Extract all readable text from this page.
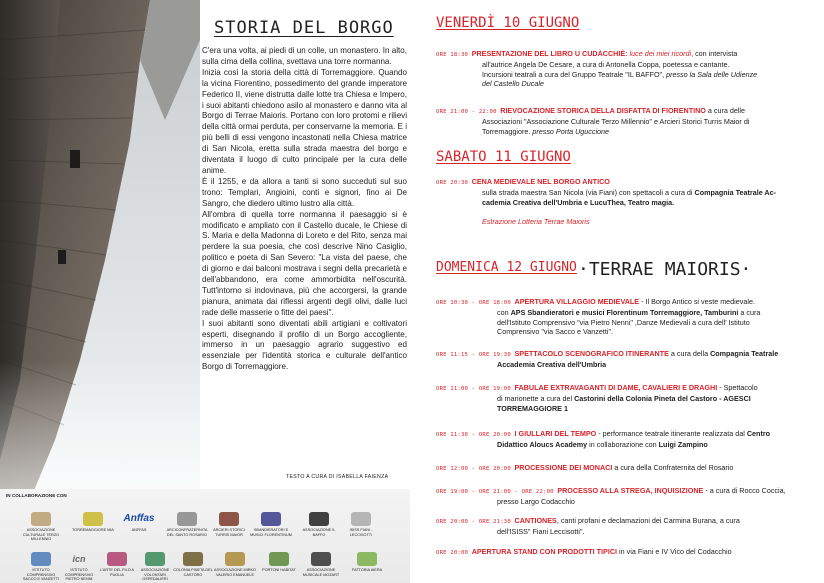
STORIA DEL BORGO

C'era una volta, ai piedi di un colle, un monastero. In alto, sulla cima della collina, svettava una torre normanna.

Inizia così la storia della città di Torremaggiore. Quando la vicina Fiorentino, possedimento del grande imperatore Federico II, viene distrutta dalle lotte tra Chiesa e Impero, i suoi abitanti chiedono asilo al monastero e danno vita al Borgo di Terrae Maioris. Portano con loro protomi e rilievi della città ormai perduta, per conservarne la memoria. E i più belli di essi vengono incastonati nella Chiesa matrice di San Nicola, eretta sulla strada maestra del borgo e diventata il luogo di culto principale per la cura delle anime.

È il 1255, e da allora a tanti si sono succeduti sul suo trono: Templari, Angioini, conti e signori, fino ai De Sangro, che diedero ultimo lustro alla città.

All'ombra di quella torre normanna il paesaggio si è modificato e ampliato con il Castello ducale, le Chiese di S. Maria e della Madonna di Loreto e del Rito, senza mai perdere la sua poesia, che così descrive Nino Casiglio, politico e poeta di San Severo: "La vista del paese, che di giorno e dai balconi mostrava i segni della precarietà e dell'abbandono, era come ammorbidita nell'oscurità. Tutt'intorno si indovinava, più che accorgersi, la grande pianura, animata dai riflessi argenti degli olivi, dalle luci rade delle masserie o fitte dei paesi".

I suoi abitanti sono diventati abili artigiani e coltivatori esperti, disegnando il profilo di un Borgo accogliente, immerso in un paesaggio agrario suggestivo ed essenziale per l'identità storica e culturale dell'antico Borgo di Torremaggiore.

TESTO A CURA DI ISABELLA FAIENZA
IN COLLABORAZIONE CON
ASSOCIAZIONE CULTURALE TERZO MILLENNIO
TORREMAGGIORE MIA
Anffas
ANFFAS	ARCICONFRATERNITA DEL SANTO ROSARIO
ARCIERI STORICI TURRIS MAIOR
SBANDIERATORI E MUSICI FLORENTINUM
ASSOCIAZIONE IL BAFFO
ISISS FIANI - LECCISOTTI
ISTITUTO COMPRENSIVO SACCO E VANZETTI
icn
ISTITUTO COMPRENSIVO PIETRO NENNI
L'ARTE DEL FILO A PUGLIA
ASSOCIAZIONE VOLONTARI OSPEDALIERI
COLONIA PINETA DEL CASTORO
ASSOCIAZIONE MIRKO VALERIO EMANUELE
PORTONI HABITAT	ASSOCIAZIONE MUSICALE MOZART
FATTORIA AIERA
VENERDÌ 10 GIUGNO
SABATO 11 GIUGNO
DOMENICA 12 GIUGNO ·TERRAE MAIORIS·
ORE 18:30 PRESENTAZIONE DEL LIBRO U CUDÀCCHIÈ: luce dei miei ricordi, con intervista
all'autrice Angela De Cesare, a cura di Antonella Coppa, poetessa e cantante.
Incursioni teatrali a cura del Gruppo Teatrale "IL BAFFO", presso la Sala delle Udienze
del Castello Ducale
ORE 21:00 - 22:00 RIEVOCAZIONE STORICA DELLA DISFATTA DI FIORENTINO a cura delle
Associazioni "Associazione Culturale Terzo Millennio" e Arcieri Storici Turris Maior di
Torremaggiore. presso Porta Uguccione
ORE 20:30 CENA MEDIEVALE NEL BORGO ANTICO
sulla strada maestra San Nicola (via Fiani) con spettacoli a cura di Compagnia Teatrale Ac-
cademia Creativa dell'Umbria e LucuThea, Teatro magia.

Estrazione Lotteria Terrae Maioris
ORE 10:30 - ORE 18:00 APERTURA VILLAGGIO MEDIEVALE - Il Borgo Antico si veste medievale.
con APS Sbandieratori e musici Florentinum Torremaggiore, Tamburini a cura
dell'Istituto Comprensivo "via Pietro Nenni" ,Danze Medievali a cura dell' Istituto
Comprensivo "via Sacco e Vanzetti".
ORE 11:15 - ORE 19:30 SPETTACOLO SCENOGRAFICO ITINERANTE a cura della Compagnia Teatrale
Accademia Creativa dell'Umbria
ORE 11:00 - ORE 19:00 FABULAE EXTRAVAGANTI DI DAME, CAVALIERI E DRAGHI - Spettacolo
di marionette a cura del Castorini della Colonia Pineta del Castoro - AGESCI
TORREMAGGIORE 1
ORE 11:30 - ORE 20:00 I GIULLARI DEL TEMPO - performance teatrale itinerante realizzata dal Centro
Didattico Aloucs Academy in collaborazione con Luigi Zampino
ORE 12:00 - ORE 20:00 PROCESSIONE DEI MONACI a cura della Confraternita del Rosario
ORE 19:00 - ORE 21:00 - ORE 22:00 PROCESSO ALLA STREGA, INQUISIZIONE - a cura di Rocco Coccia,
presso Largo Codacchio
ORE 20:00 - ORE 21:30 CANTIONES, canti profani e declamazioni dei Carmina Burana, a cura
dell'ISISS" Fiani Leccisotti".
ORE 20:00 APERTURA STAND CON PRODOTTI TIPICI in via Fiani e IV Vico del Codacchio
